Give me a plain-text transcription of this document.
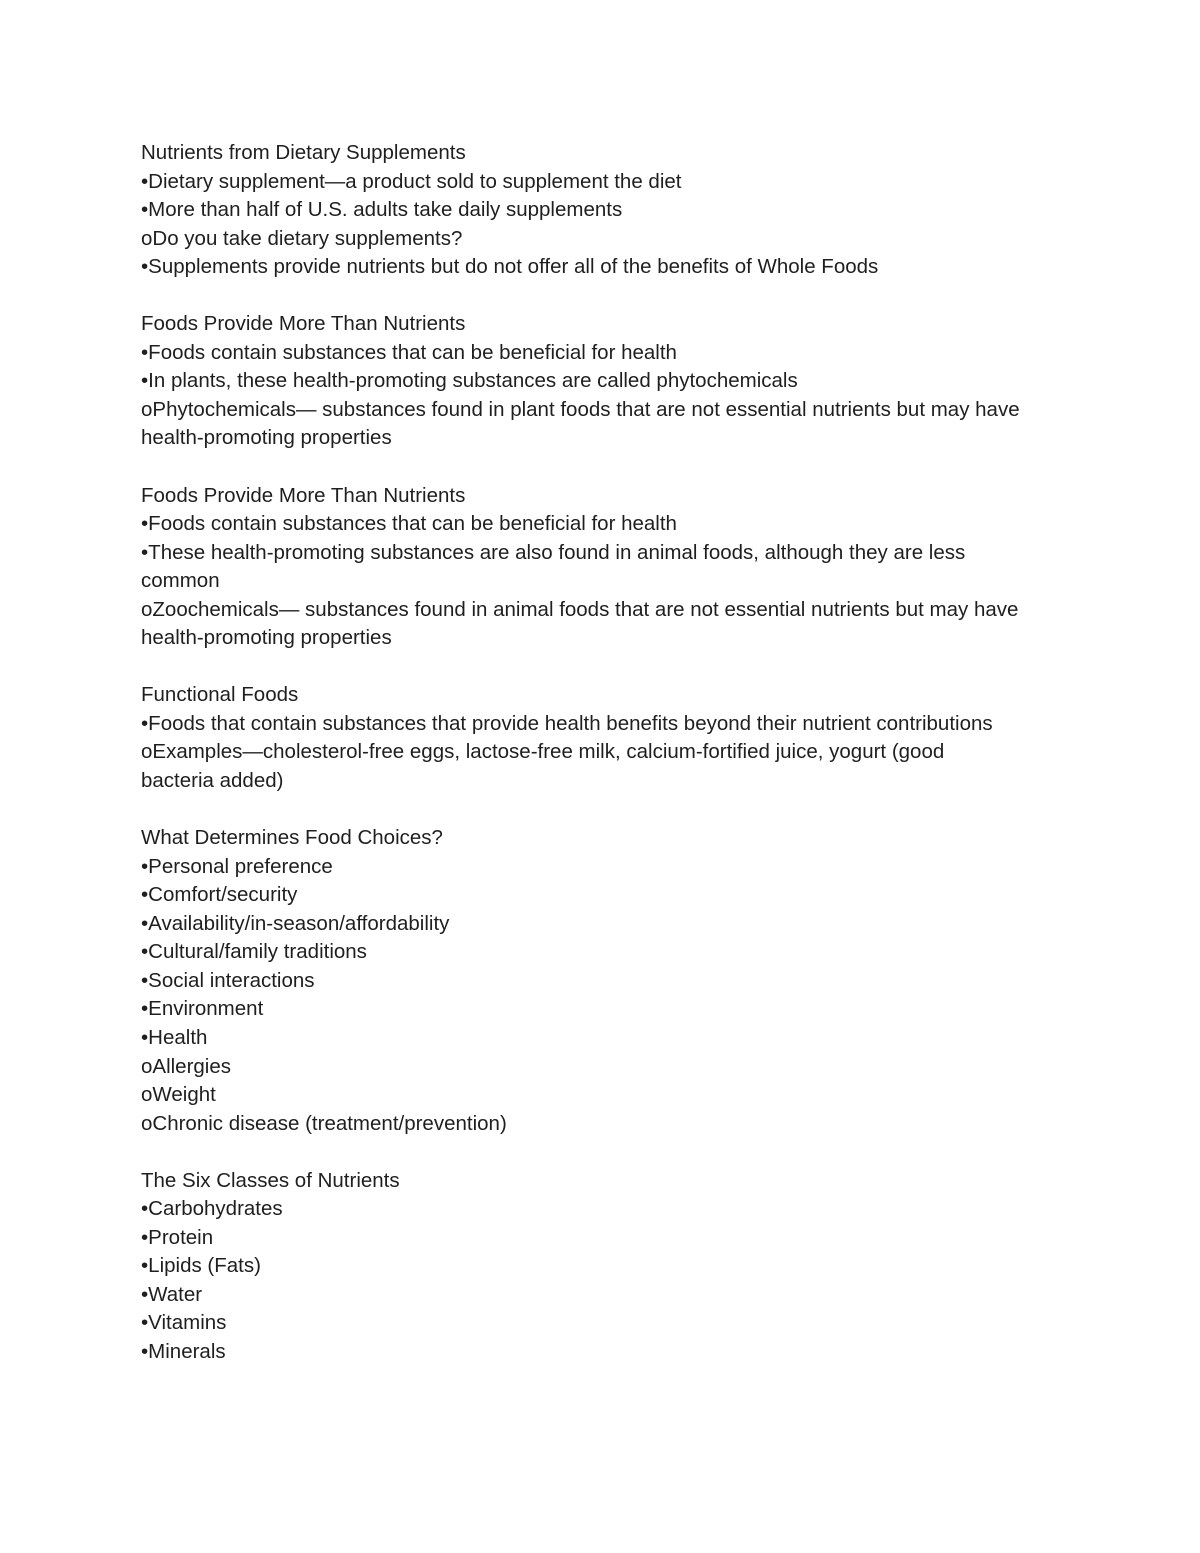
Nutrients from Dietary Supplements
•Dietary supplement—a product sold to supplement the diet
•More than half of U.S. adults take daily supplements
oDo you take dietary supplements?
•Supplements provide nutrients but do not offer all of the benefits of Whole Foods
Foods Provide More Than Nutrients
•Foods contain substances that can be beneficial for health
•In plants, these health-promoting substances are called phytochemicals
oPhytochemicals— substances found in plant foods that are not essential nutrients but may have health-promoting properties
Foods Provide More Than Nutrients
•Foods contain substances that can be beneficial for health
•These health-promoting substances are also found in animal foods, although they are less common
oZoochemicals— substances found in animal foods that are not essential nutrients but may have health-promoting properties
Functional Foods
•Foods that contain substances that provide health benefits beyond their nutrient contributions
oExamples—cholesterol-free eggs, lactose-free milk, calcium-fortified juice, yogurt (good bacteria added)
What Determines Food Choices?
•Personal preference
•Comfort/security
•Availability/in-season/affordability
•Cultural/family traditions
•Social interactions
•Environment
•Health
oAllergies
oWeight
oChronic disease (treatment/prevention)
The Six Classes of Nutrients
•Carbohydrates
•Protein
•Lipids (Fats)
•Water
•Vitamins
•Minerals
